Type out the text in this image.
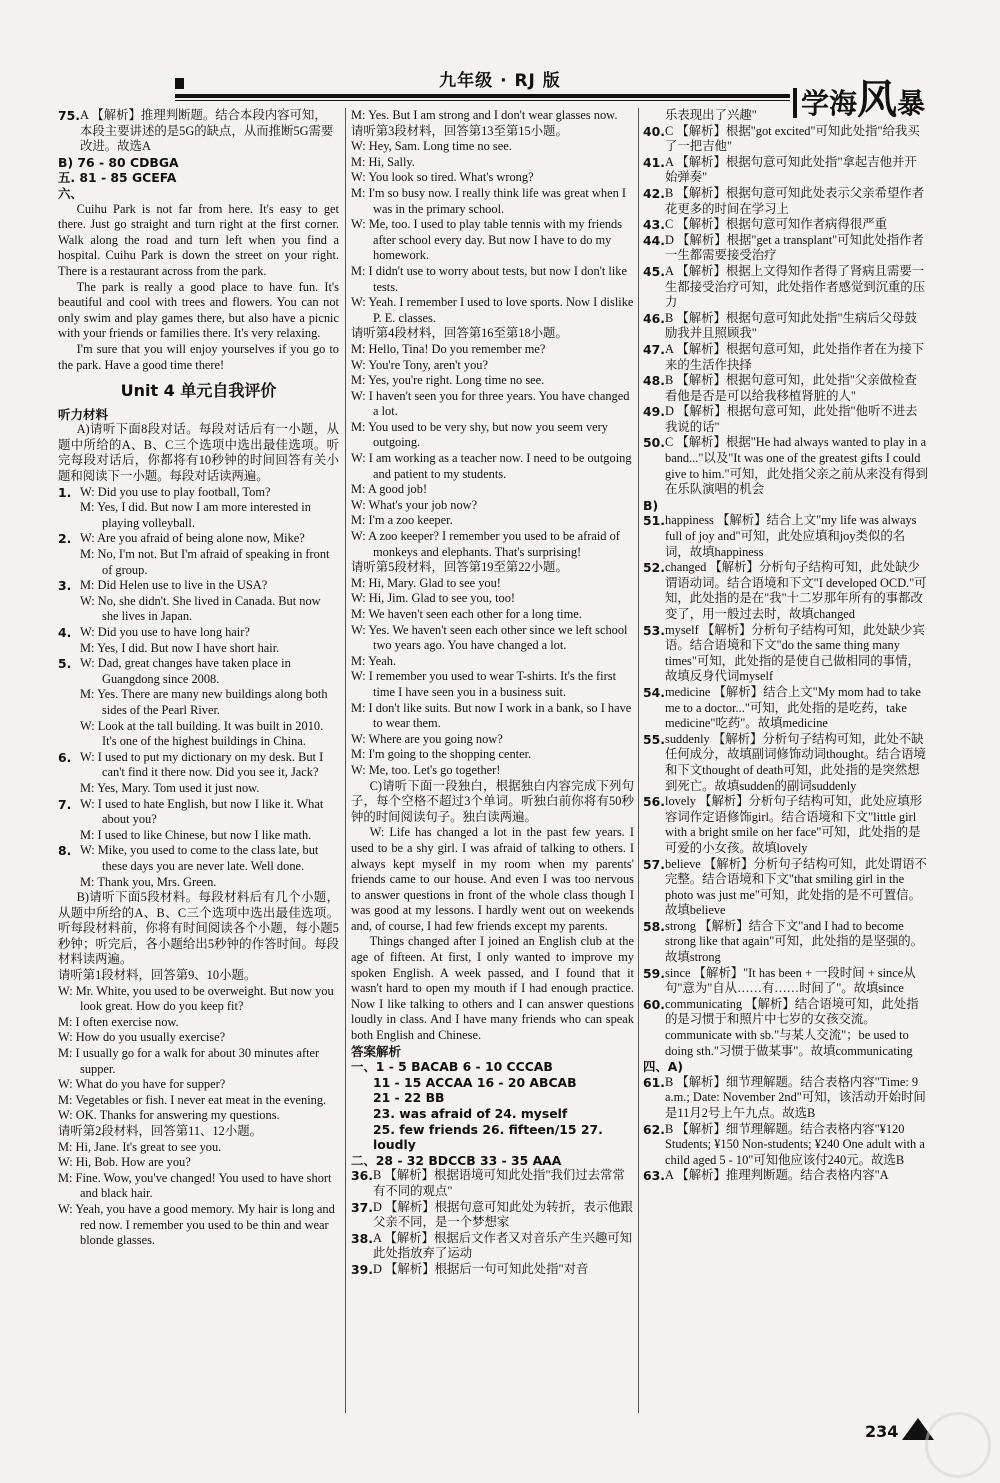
九年级 · RJ 版
学海风暴
75. A 【解析】推理判断题。结合本段内容可知，本段主要讲述的是5G的缺点，从而推断5G需要改进。故选A
B) 76 - 80 CDBGA
五. 81 - 85 GCEFA
六、
Cuihu Park is not far from here. It's easy to get there. Just go straight and turn right at the first corner. Walk along the road and turn left when you find a hospital. Cuihu Park is down the street on your right. There is a restaurant across from the park.
The park is really a good place to have fun. It's beautiful and cool with trees and flowers. You can not only swim and play games there, but also have a picnic with your friends or families there. It's very relaxing.
I'm sure that you will enjoy yourselves if you go to the park. Have a good time there!
Unit 4 单元自我评价
听力材料
A)请听下面8段对话。每段对话后有一小题，从题中所给的A、B、C三个选项中选出最佳选项。听完每段对话后，你都将有10秒钟的时间回答有关小题和阅读下一小题。每段对话读两遍。
1. W: Did you use to play football, Tom?
M: Yes, I did. But now I am more interested in playing volleyball.
2. W: Are you afraid of being alone now, Mike?
M: No, I'm not. But I'm afraid of speaking in front of group.
3. M: Did Helen use to live in the USA?
W: No, she didn't. She lived in Canada. But now she lives in Japan.
4. W: Did you use to have long hair?
M: Yes, I did. But now I have short hair.
5. W: Dad, great changes have taken place in Guangdong since 2008.
M: Yes. There are many new buildings along both sides of the Pearl River.
W: Look at the tall building. It was built in 2010. It's one of the highest buildings in China.
6. W: I used to put my dictionary on my desk. But I can't find it there now. Did you see it, Jack?
M: Yes, Mary. Tom used it just now.
7. W: I used to hate English, but now I like it. What about you?
M: I used to like Chinese, but now I like math.
8. W: Mike, you used to come to the class late, but these days you are never late. Well done.
M: Thank you, Mrs. Green.
B)请听下面5段材料。每段材料后有几个小题，从题中所给的A、B、C三个选项中选出最佳选项。听每段材料前，你将有时间阅读各个小题，每小题5秒钟；听完后，各小题给出5秒钟的作答时间。每段材料读两遍。
请听第1段材料，回答第9、10小题。
W: Mr. White, you used to be overweight. But now you look great. How do you keep fit?
M: I often exercise now.
W: How do you usually exercise?
M: I usually go for a walk for about 30 minutes after supper.
W: What do you have for supper?
M: Vegetables or fish. I never eat meat in the evening.
W: OK. Thanks for answering my questions.
请听第2段材料，回答第11、12小题。
M: Hi, Jane. It's great to see you.
W: Hi, Bob. How are you?
M: Fine. Wow, you've changed! You used to have short and black hair.
W: Yeah, you have a good memory. My hair is long and red now. I remember you used to be thin and wear blonde glasses.
M: Yes. But I am strong and I don't wear glasses now.
请听第3段材料，回答第13至第15小题。
W: Hey, Sam. Long time no see.
M: Hi, Sally.
W: You look so tired. What's wrong?
M: I'm so busy now. I really think life was great when I was in the primary school.
W: Me, too. I used to play table tennis with my friends after school every day. But now I have to do my homework.
M: I didn't use to worry about tests, but now I don't like tests.
W: Yeah. I remember I used to love sports. Now I dislike P. E. classes.
请听第4段材料，回答第16至第18小题。
M: Hello, Tina! Do you remember me?
W: You're Tony, aren't you?
M: Yes, you're right. Long time no see.
W: I haven't seen you for three years. You have changed a lot.
M: You used to be very shy, but now you seem very outgoing.
W: I am working as a teacher now. I need to be outgoing and patient to my students.
M: A good job!
W: What's your job now?
M: I'm a zoo keeper.
W: A zoo keeper? I remember you used to be afraid of monkeys and elephants. That's surprising!
请听第5段材料，回答第19至第22小题。
M: Hi, Mary. Glad to see you!
W: Hi, Jim. Glad to see you, too!
M: We haven't seen each other for a long time.
W: Yes. We haven't seen each other since we left school two years ago. You have changed a lot.
M: Yeah.
W: I remember you used to wear T-shirts. It's the first time I have seen you in a business suit.
M: I don't like suits. But now I work in a bank, so I have to wear them.
W: Where are you going now?
M: I'm going to the shopping center.
W: Me, too. Let's go together!
C)请听下面一段独白，根据独白内容完成下列句子，每个空格不超过3个单词。听独白前你将有50秒钟的时间阅读句子。独白读两遍。
W: Life has changed a lot in the past few years. I used to be a shy girl. I was afraid of talking to others. I always kept myself in my room when my parents' friends came to our house. And even I was too nervous to answer questions in front of the whole class though I was good at my lessons. I hardly went out on weekends and, of course, I had few friends except my parents.
Things changed after I joined an English club at the age of fifteen. At first, I only wanted to improve my spoken English. A week passed, and I found that it wasn't hard to open my mouth if I had enough practice. Now I like talking to others and I can answer questions loudly in class. And I have many friends who can speak both English and Chinese.
答案解析
一、1 - 5 BACAB 6 - 10 CCCAB
11 - 15 ACCAA 16 - 20 ABCAB
21 - 22 BB
23. was afraid of 24. myself
25. few friends 26. fifteen/15 27. loudly
二、28 - 32 BDCCB 33 - 35 AAA
36. B 【解析】根据语境可知此处指"我们过去常常有不同的观点"
37. D 【解析】根据句意可知此处为转折，表示他跟父亲不同，是一个梦想家
38. A 【解析】根据后文作者又对音乐产生兴趣可知此处指放弃了运动
39. D 【解析】根据后一句可知此处指"对音
乐表现出了兴趣"
40. C 【解析】根据"got excited"可知此处指"给我买了一把吉他"
41. A 【解析】根据句意可知此处指"拿起吉他并开始弹奏"
42. B 【解析】根据句意可知此处表示父亲希望作者花更多的时间在学习上
43. C 【解析】根据句意可知作者病得很严重
44. D 【解析】根据"get a transplant"可知此处指作者一生都需要接受治疗
45. A 【解析】根据上文得知作者得了肾病且需要一生都接受治疗可知，此处指作者感觉到沉重的压力
46. B 【解析】根据句意可知此处指"生病后父母鼓励我并且照顾我"
47. A 【解析】根据句意可知，此处指作者在为接下来的生活作抉择
48. B 【解析】根据句意可知，此处指"父亲做检查看他是否是可以给我移植肾脏的人"
49. D 【解析】根据句意可知，此处指"他听不进去我说的话"
50. C 【解析】根据"He had always wanted to play in a band..."以及"It was one of the greatest gifts I could give to him."可知，此处指父亲之前从来没有得到在乐队演唱的机会
B)
51. happiness 【解析】结合上文"my life was always full of joy and"可知，此处应填和joy类似的名词，故填happiness
52. changed 【解析】分析句子结构可知，此处缺少谓语动词。结合语境和下文"I developed OCD."可知，此处指的是在"我"十二岁那年所有的事都改变了，用一般过去时，故填changed
53. myself 【解析】分析句子结构可知，此处缺少宾语。结合语境和下文"do the same thing many times"可知，此处指的是使自己做相同的事情，故填反身代词myself
54. medicine 【解析】结合上文"My mom had to take me to a doctor..."可知，此处指的是吃药，take medicine"吃药"。故填medicine
55. suddenly 【解析】分析句子结构可知，此处不缺任何成分，故填副词修饰动词thought。结合语境和下文thought of death可知，此处指的是突然想到死亡。故填sudden的副词suddenly
56. lovely 【解析】分析句子结构可知，此处应填形容词作定语修饰girl。结合语境和下文"little girl with a bright smile on her face"可知，此处指的是可爱的小女孩。故填lovely
57. believe 【解析】分析句子结构可知，此处谓语不完整。结合语境和下文"that smiling girl in the photo was just me"可知，此处指的是不可置信。故填believe
58. strong 【解析】结合下文"and I had to become strong like that again"可知，此处指的是坚强的。故填strong
59. since 【解析】"It has been + 一段时间 + since从句"意为"自从……有……时间了"。故填since
60. communicating 【解析】结合语境可知，此处指的是习惯于和照片中七岁的女孩交流。communicate with sb."与某人交流"；be used to doing sth."习惯于做某事"。故填communicating
四、A)
61. B 【解析】细节理解题。结合表格内容"Time: 9 a.m.; Date: November 2nd"可知，该活动开始时间是11月2号上午九点。故选B
62. B 【解析】细节理解题。结合表格内容"¥120 Students; ¥150 Non-students; ¥240 One adult with a child aged 5 - 10"可知他应该付240元。故选B
63. A 【解析】推理判断题。结合表格内容"A
234
